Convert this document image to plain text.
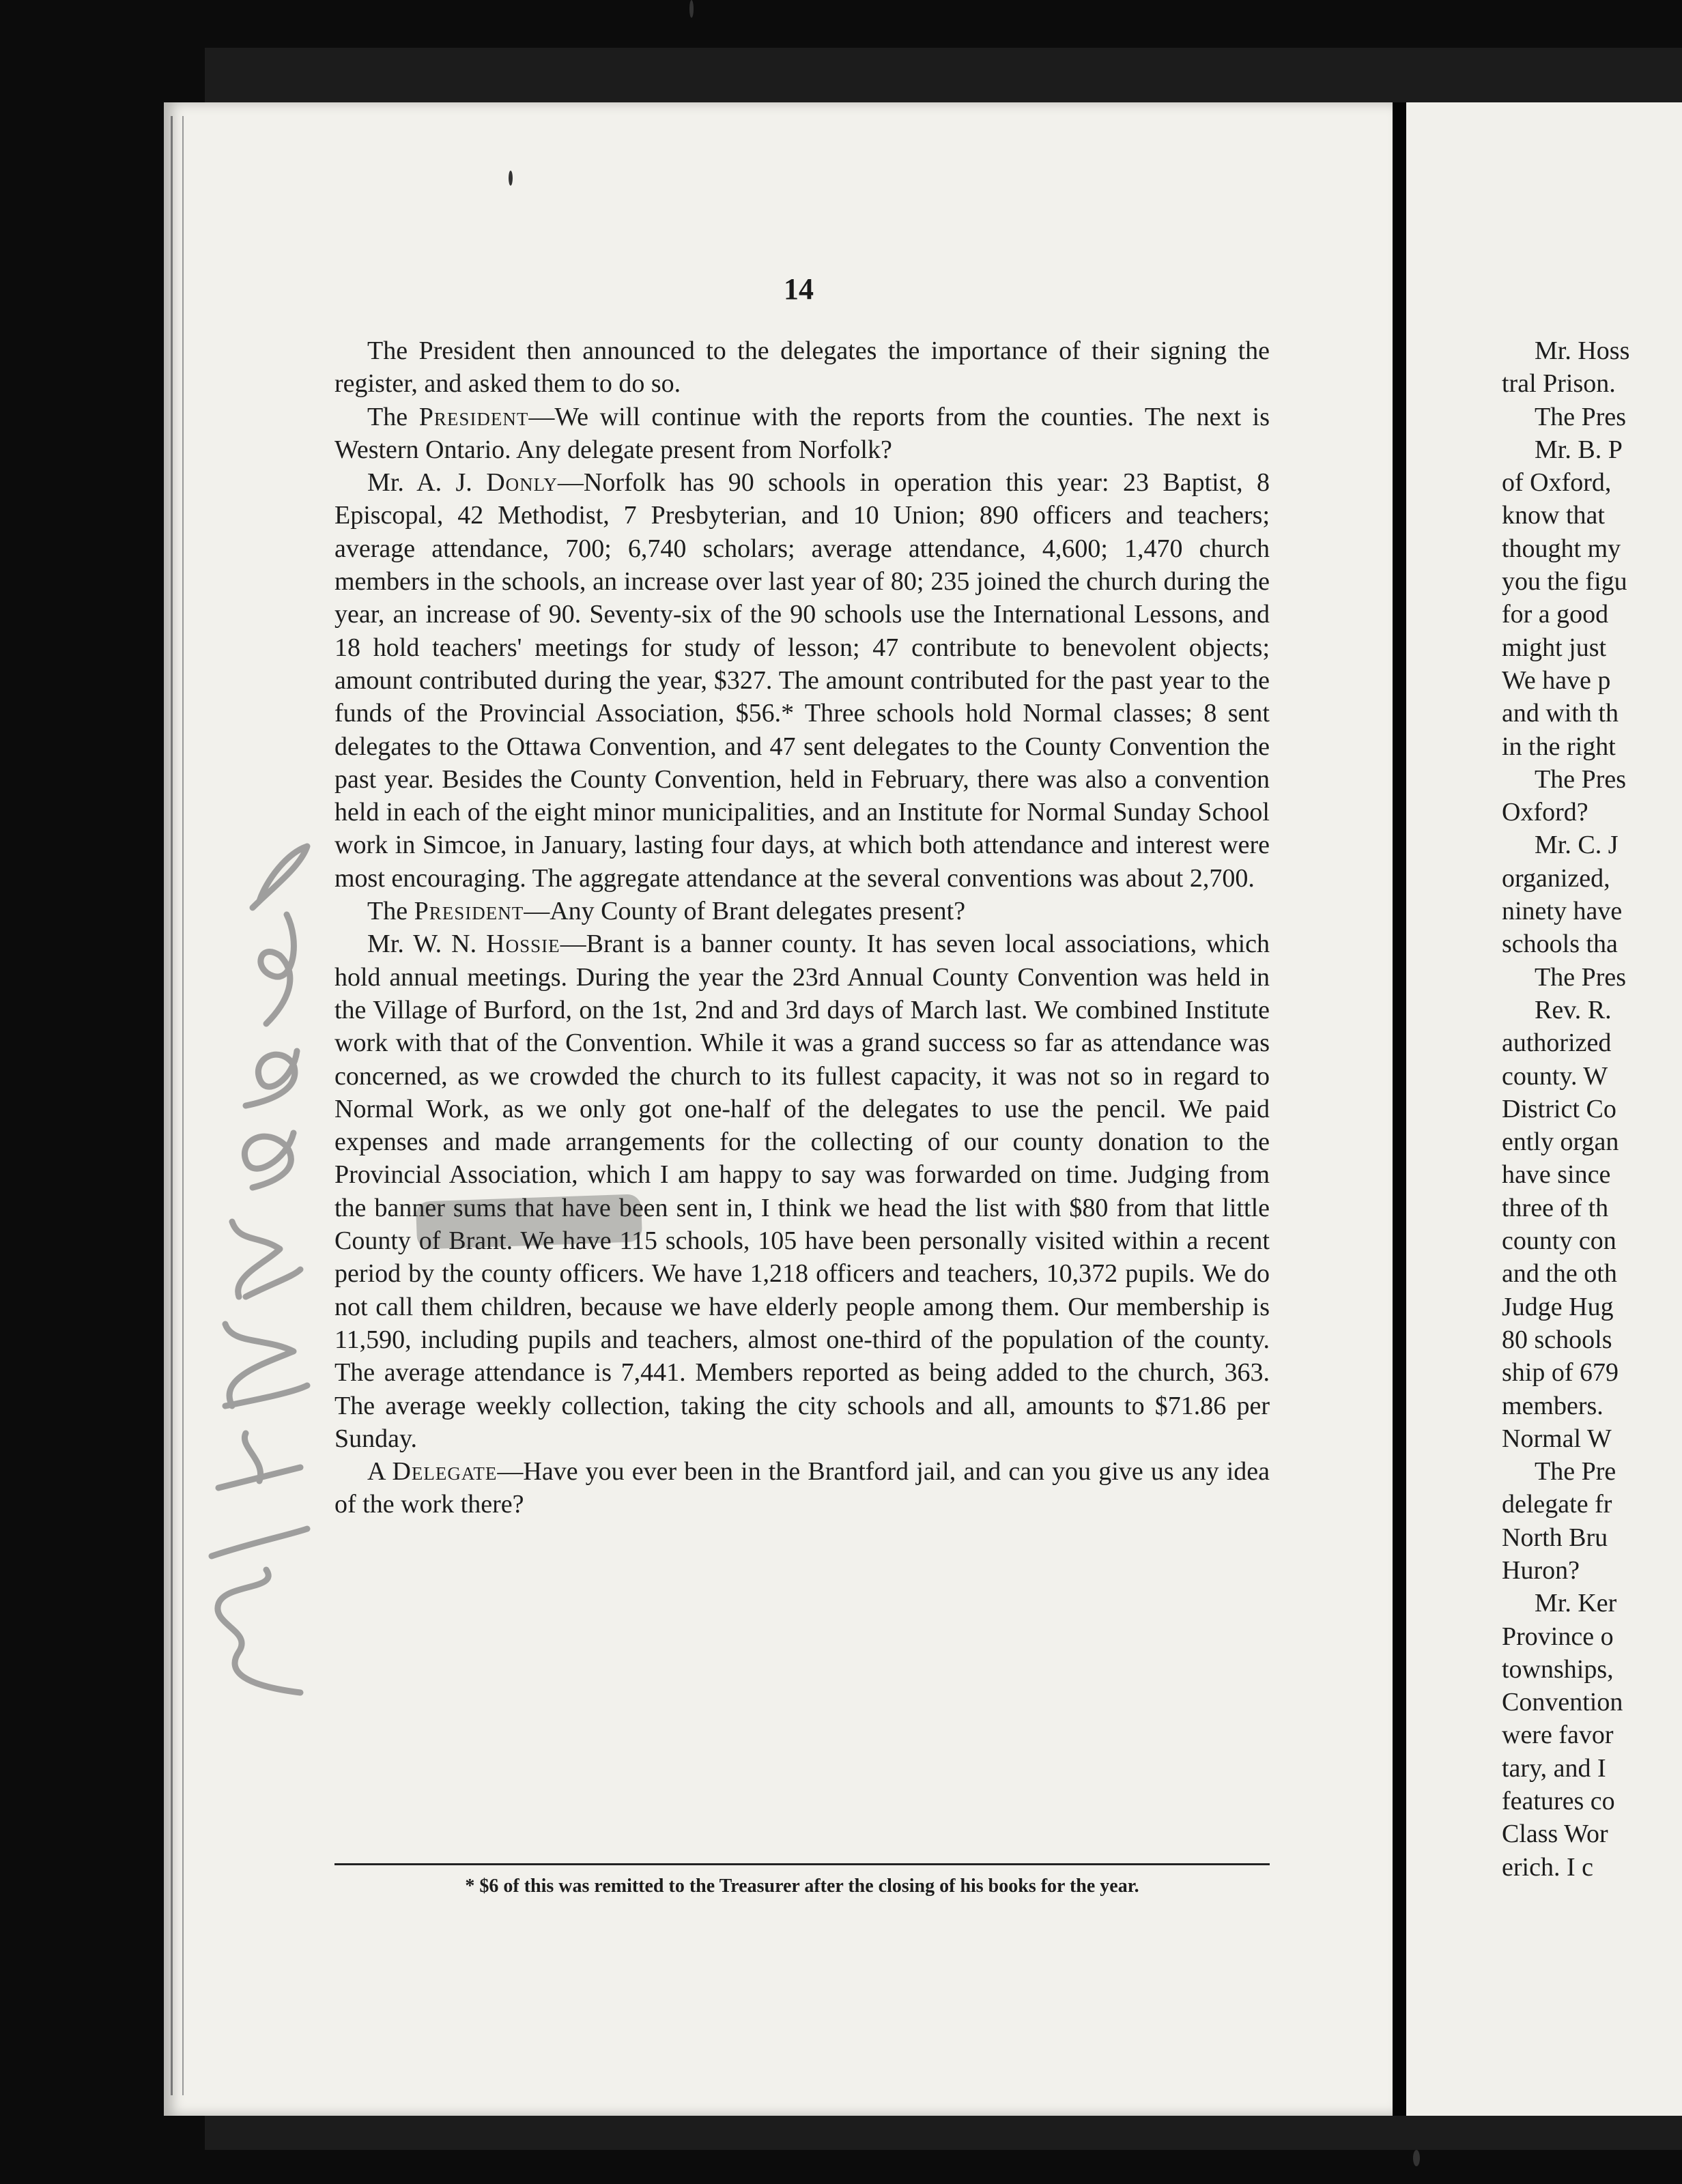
14

The President then announced to the delegates the importance of their signing the register, and asked them to do so.

The President—We will continue with the reports from the counties. The next is Western Ontario. Any delegate present from Norfolk?

Mr. A. J. Donly—Norfolk has 90 schools in operation this year: 23 Baptist, 8 Episcopal, 42 Methodist, 7 Presbyterian, and 10 Union; 890 officers and teachers; average attendance, 700; 6,740 scholars; average attendance, 4,600; 1,470 church members in the schools, an increase over last year of 80; 235 joined the church during the year, an increase of 90. Seventy-six of the 90 schools use the International Lessons, and 18 hold teachers' meetings for study of lesson; 47 contribute to benevolent objects; amount contributed during the year, $327. The amount contributed for the past year to the funds of the Provincial Association, $56.* Three schools hold Normal classes; 8 sent delegates to the Ottawa Convention, and 47 sent delegates to the County Convention the past year. Besides the County Convention, held in February, there was also a convention held in each of the eight minor municipalities, and an Institute for Normal Sunday School work in Simcoe, in January, lasting four days, at which both attendance and interest were most encouraging. The aggregate attendance at the several conventions was about 2,700.

The President—Any County of Brant delegates present?

Mr. W. N. Hossie—Brant is a banner county. It has seven local associations, which hold annual meetings. During the year the 23rd Annual County Convention was held in the Village of Burford, on the 1st, 2nd and 3rd days of March last. We combined Institute work with that of the Convention. While it was a grand success so far as attendance was concerned, as we crowded the church to its fullest capacity, it was not so in regard to Normal Work, as we only got one-half of the delegates to use the pencil. We paid expenses and made arrangements for the collecting of our county donation to the Provincial Association, which I am happy to say was forwarded on time. Judging from the banner sums that have been sent in, I think we head the list with $80 from that little County of Brant. We have 115 schools, 105 have been personally visited within a recent period by the county officers. We have 1,218 officers and teachers, 10,372 pupils. We do not call them children, because we have elderly people among them. Our membership is 11,590, including pupils and teachers, almost one-third of the population of the county. The average attendance is 7,441. Members reported as being added to the church, 363. The average weekly collection, taking the city schools and all, amounts to $71.86 per Sunday.

A Delegate—Have you ever been in the Brantford jail, and can you give us any idea of the work there?

* $6 of this was remitted to the Treasurer after the closing of his books for the year.
Mr. Hoss
tral Prison.
The Pres
Mr. B. P
of Oxford,
know that
thought my
you the figu
for a good
might just
We have p
and with th
in the right
The Pres
Oxford?
Mr. C. J
organized,
ninety have
schools tha
The Pres
Rev. R.
authorized
county. W
District Co
ently organ
have since
three of th
county con
and the oth
Judge Hug
80 schools
ship of 679
members.
Normal W
The Pre
delegate fr
North Bru
Huron?
Mr. Ker
Province o
townships,
Convention
were favor
tary, and I
features co
Class Wor
erich. I c
